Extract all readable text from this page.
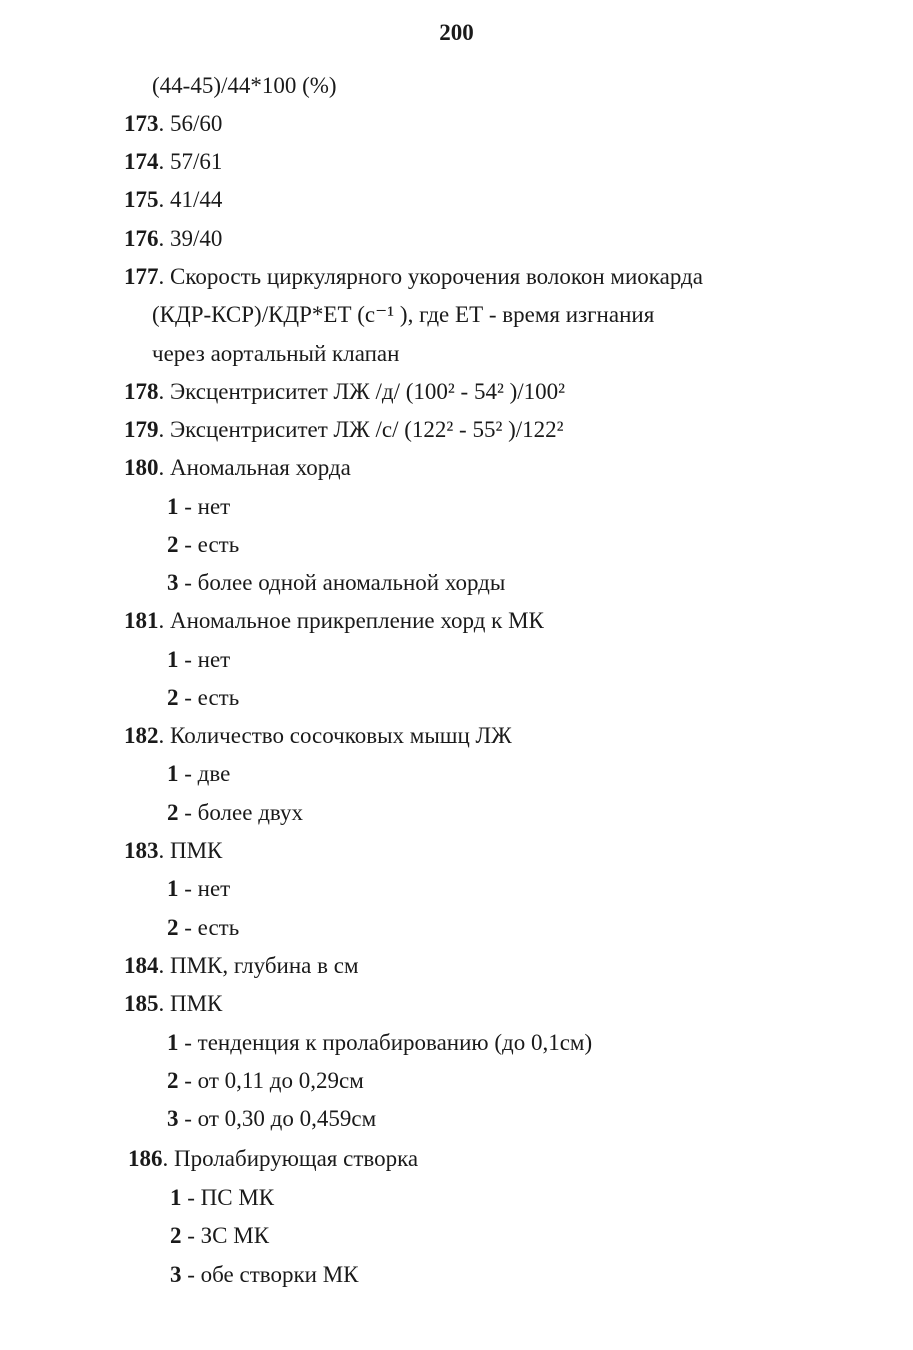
200
(44-45)/44*100 (%)
173. 56/60
174. 57/61
175. 41/44
176. 39/40
177. Скорость циркулярного укорочения волокон миокарда
(КДР-КСР)/КДР*ЕТ (с⁻¹ ), где ЕТ - время изгнания
через аортальный клапан
178. Эксцентриситет ЛЖ /д/ (100² - 54² )/100²
179. Эксцентриситет ЛЖ /с/ (122² - 55² )/122²
180. Аномальная хорда
1 - нет
2 - есть
3 - более одной аномальной хорды
181. Аномальное прикрепление хорд к МК
1 - нет
2 - есть
182. Количество сосочковых мышц ЛЖ
1 - две
2 - более двух
183. ПМК
1 - нет
2 - есть
184. ПМК, глубина в см
185. ПМК
1 - тенденция к пролабированию (до 0,1см)
2 - от 0,11 до 0,29см
3 - от 0,30 до 0,459см
186. Пролабирующая створка
1 - ПС МК
2 - ЗС МК
3 - обе створки МК
